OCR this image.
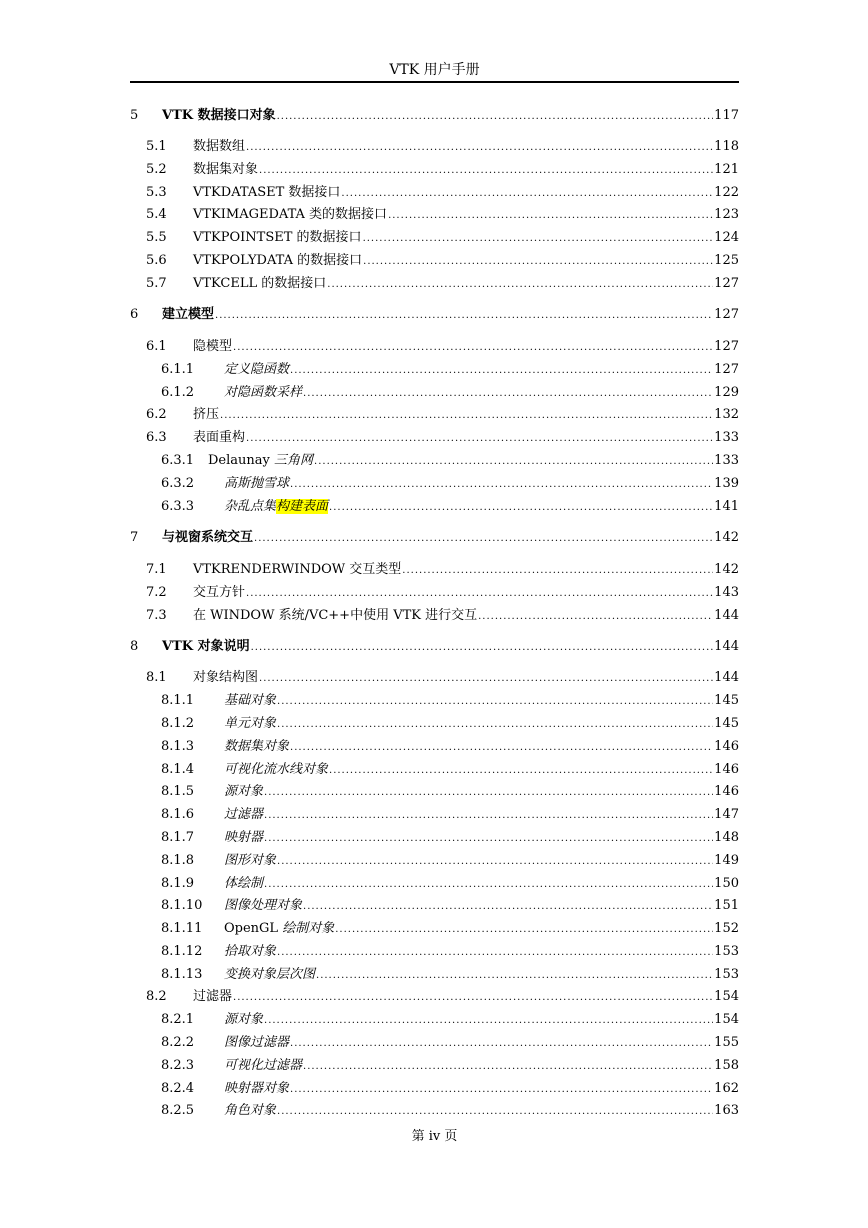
VTK 用户手册
5	VTK 数据接口对象 .....	117
5.1	数据数组 .....	118
5.2	数据集对象 .....	121
5.3	VTKDATASET 数据接口 .....	122
5.4	VTKIMAGEDATA 类的数据接口 .....	123
5.5	VTKPOINTSET 的数据接口 .....	124
5.6	VTKPOLYDATA 的数据接口 .....	125
5.7	VTKCELL 的数据接口 .....	127
6	建立模型 .....	127
6.1	隐模型 .....	127
6.1.1	定义隐函数 .....	127
6.1.2	对隐函数采样 .....	129
6.2	挤压 .....	132
6.3	表面重构 .....	133
6.3.1	Delaunay 三角网 .....	133
6.3.2	高斯抛雪球 .....	139
6.3.3	杂乱点集构建表面 .....	141
7	与视窗系统交互 .....	142
7.1	VTKRENDERWINDOW 交互类型 .....	142
7.2	交互方针 .....	143
7.3	在 WINDOW 系统/VC++中使用 VTK 进行交互 .....	144
8	VTK 对象说明 .....	144
8.1	对象结构图 .....	144
8.1.1	基础对象 .....	145
8.1.2	单元对象 .....	145
8.1.3	数据集对象 .....	146
8.1.4	可视化流水线对象 .....	146
8.1.5	源对象 .....	146
8.1.6	过滤器 .....	147
8.1.7	映射器 .....	148
8.1.8	图形对象 .....	149
8.1.9	体绘制 .....	150
8.1.10	图像处理对象 .....	151
8.1.11	OpenGL 绘制对象 .....	152
8.1.12	拾取对象 .....	153
8.1.13	变换对象层次图 .....	153
8.2	过滤器 .....	154
8.2.1	源对象 .....	154
8.2.2	图像过滤器 .....	155
8.2.3	可视化过滤器 .....	158
8.2.4	映射器对象 .....	162
8.2.5	角色对象 .....	163
第 iv 页
